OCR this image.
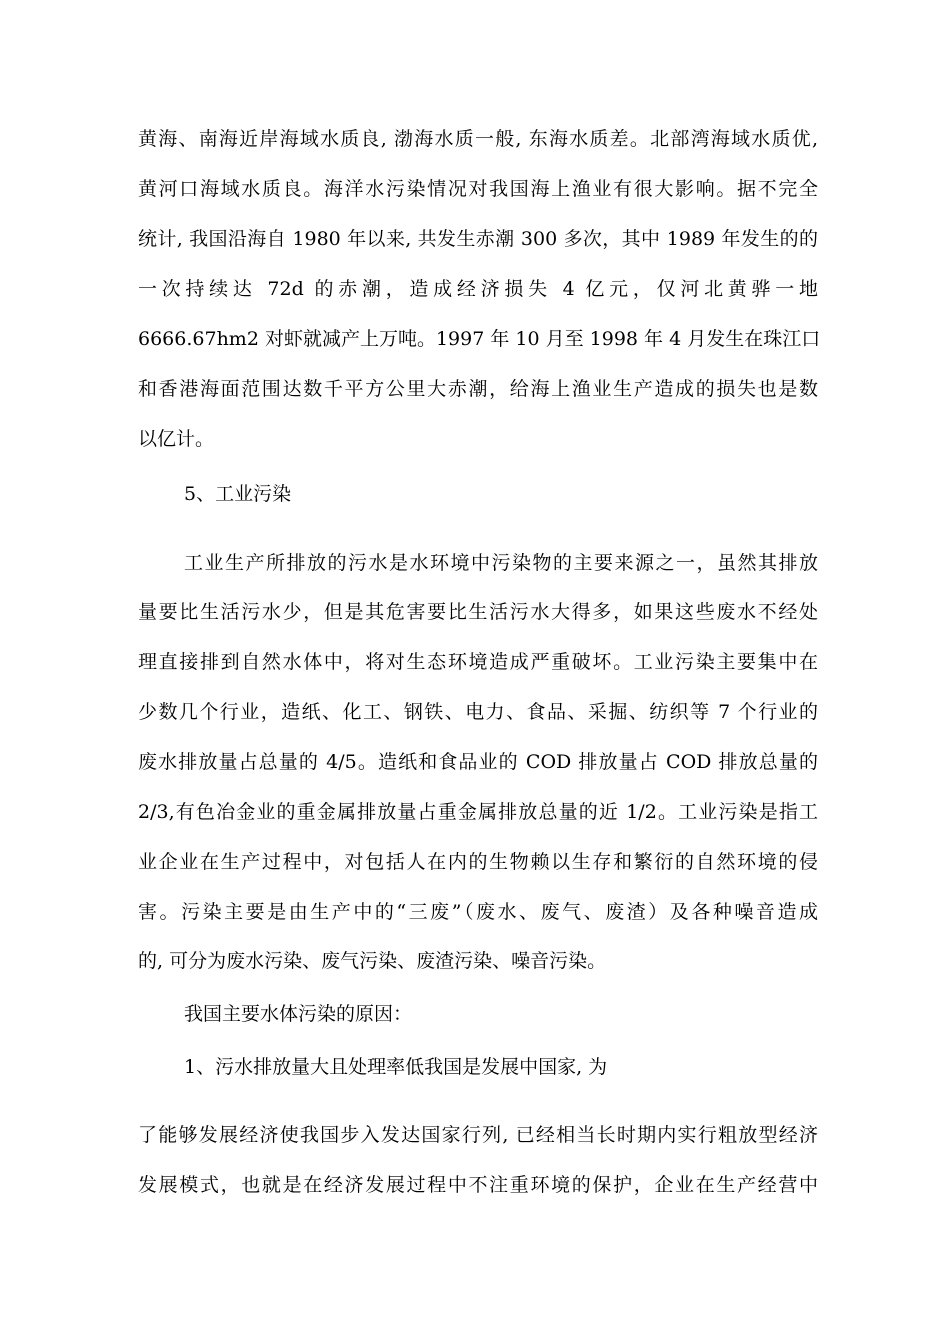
黄海、南海近岸海域水质良, 渤海水质一般, 东海水质差。北部湾海域水质优,
黄河口海域水质良。海洋水污染情况对我国海上渔业有很大影响。据不完全
统计, 我国沿海自 1980 年以来, 共发生赤潮 300 多次，其中 1989 年发生的的
一次持续达 72d 的赤潮，造成经济损失 4 亿元，仅河北黄骅一地
6666.67hm2 对虾就减产上万吨。1997 年 10 月至 1998 年 4 月发生在珠江口
和香港海面范围达数千平方公里大赤潮，给海上渔业生产造成的损失也是数
以亿计。
5、工业污染
工业生产所排放的污水是水环境中污染物的主要来源之一，虽然其排放
量要比生活污水少，但是其危害要比生活污水大得多，如果这些废水不经处
理直接排到自然水体中，将对生态环境造成严重破坏。工业污染主要集中在
少数几个行业，造纸、化工、钢铁、电力、食品、采掘、纺织等 7 个行业的
废水排放量占总量的 4/5。造纸和食品业的 COD 排放量占 COD 排放总量的
2/3,有色冶金业的重金属排放量占重金属排放总量的近 1/2。工业污染是指工
业企业在生产过程中，对包括人在内的生物赖以生存和繁衍的自然环境的侵
害。污染主要是由生产中的“三废”（废水、废气、废渣）及各种噪音造成
的, 可分为废水污染、废气污染、废渣污染、噪音污染。
我国主要水体污染的原因：
1、污水排放量大且处理率低我国是发展中国家, 为
了能够发展经济使我国步入发达国家行列, 已经相当长时期内实行粗放型经济
发展模式，也就是在经济发展过程中不注重环境的保护，企业在生产经营中
